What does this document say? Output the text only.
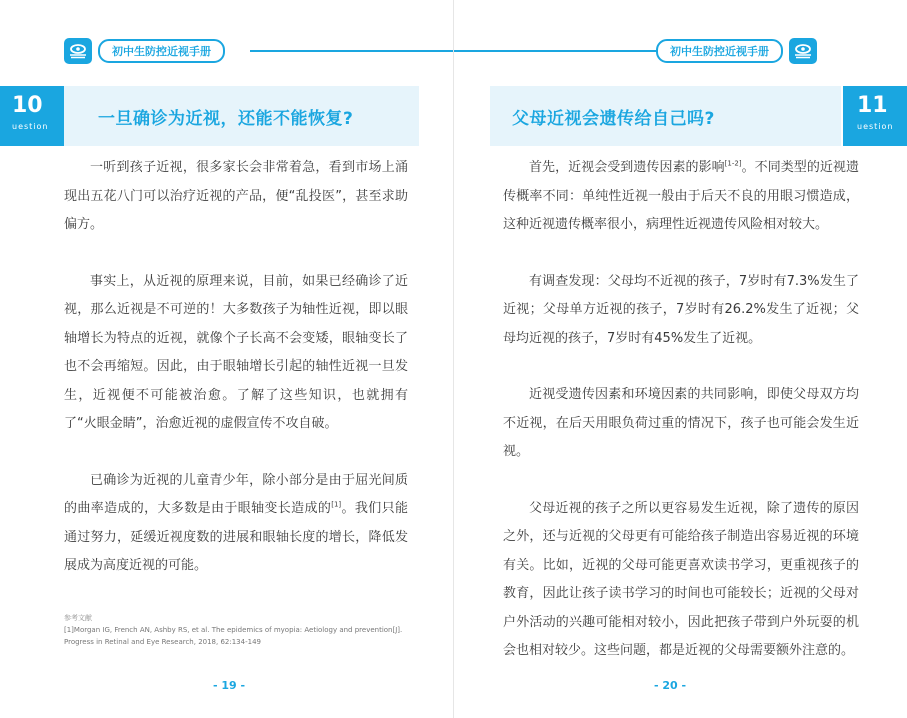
初中生防控近视手册
10
uestion	一旦确诊为近视，还能不能恢复?

一听到孩子近视，很多家长会非常着急，看到市场上涌现出五花八门可以治疗近视的产品，便“乱投医”，甚至求助偏方。

事实上，从近视的原理来说，目前，如果已经确诊了近视，那么近视是不可逆的！大多数孩子为轴性近视，即以眼轴增长为特点的近视，就像个子长高不会变矮，眼轴变长了也不会再缩短。因此，由于眼轴增长引起的轴性近视一旦发生，近视便不可能被治愈。了解了这些知识，也就拥有了“火眼金睛”，治愈近视的虚假宣传不攻自破。

已确诊为近视的儿童青少年，除小部分是由于屈光间质的曲率造成的，大多数是由于眼轴变长造成的[1]。我们只能通过努力，延缓近视度数的进展和眼轴长度的增长，降低发展成为高度近视的可能。

参考文献
[1]Morgan IG, French AN, Ashby RS, et al. The epidemics of myopia: Aetiology and prevention[J]. Progress in Retinal and Eye Research, 2018, 62:134-149
- 19 -
初中生防控近视手册
父母近视会遗传给自己吗?
11
uestion

首先，近视会受到遗传因素的影响[1-2]。不同类型的近视遗传概率不同：单纯性近视一般由于后天不良的用眼习惯造成，这种近视遗传概率很小，病理性近视遗传风险相对较大。

有调查发现：父母均不近视的孩子，7岁时有7.3%发生了近视；父母单方近视的孩子，7岁时有26.2%发生了近视；父母均近视的孩子，7岁时有45%发生了近视。

近视受遗传因素和环境因素的共同影响，即使父母双方均不近视，在后天用眼负荷过重的情况下，孩子也可能会发生近视。

父母近视的孩子之所以更容易发生近视，除了遗传的原因之外，还与近视的父母更有可能给孩子制造出容易近视的环境有关。比如，近视的父母可能更喜欢读书学习，更重视孩子的教育，因此让孩子读书学习的时间也可能较长；近视的父母对户外活动的兴趣可能相对较小，因此把孩子带到户外玩耍的机会也相对较少。这些问题，都是近视的父母需要额外注意的。

- 20 -
